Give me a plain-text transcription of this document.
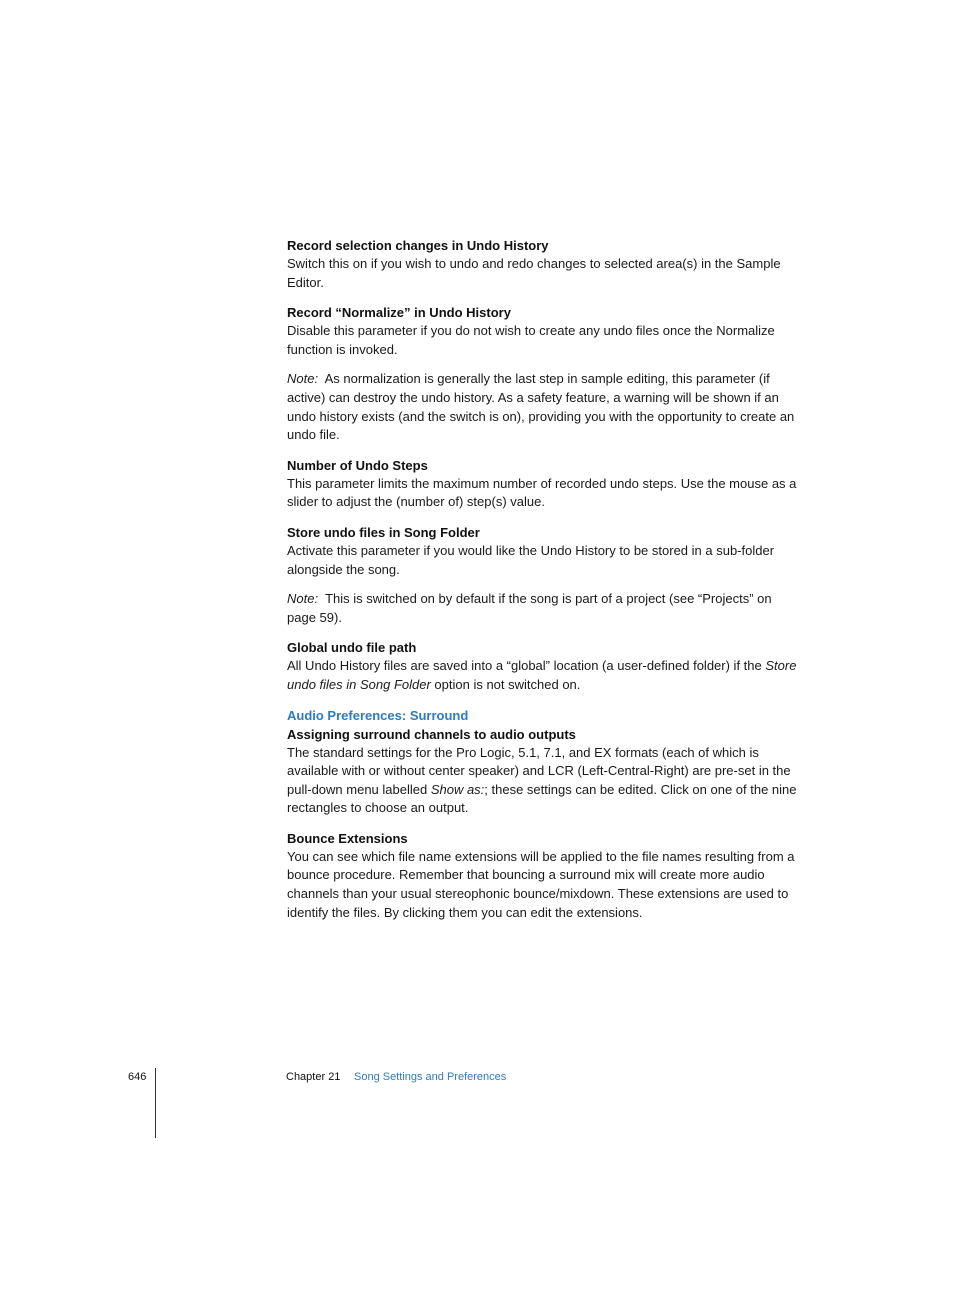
Record selection changes in Undo History

Switch this on if you wish to undo and redo changes to selected area(s) in the Sample Editor.

Record “Normalize” in Undo History

Disable this parameter if you do not wish to create any undo files once the Normalize function is invoked.

Note: As normalization is generally the last step in sample editing, this parameter (if active) can destroy the undo history. As a safety feature, a warning will be shown if an undo history exists (and the switch is on), providing you with the opportunity to create an undo file.

Number of Undo Steps

This parameter limits the maximum number of recorded undo steps. Use the mouse as a slider to adjust the (number of) step(s) value.

Store undo files in Song Folder

Activate this parameter if you would like the Undo History to be stored in a sub-folder alongside the song.

Note: This is switched on by default if the song is part of a project (see “Projects” on page 59).

Global undo file path

All Undo History files are saved into a “global” location (a user-defined folder) if the Store undo files in Song Folder option is not switched on.

Audio Preferences: Surround

Assigning surround channels to audio outputs

The standard settings for the Pro Logic, 5.1, 7.1, and EX formats (each of which is available with or without center speaker) and LCR (Left-Central-Right) are pre-set in the pull-down menu labelled Show as:; these settings can be edited. Click on one of the nine rectangles to choose an output.

Bounce Extensions

You can see which file name extensions will be applied to the file names resulting from a bounce procedure. Remember that bouncing a surround mix will create more audio channels than your usual stereophonic bounce/mixdown. These extensions are used to identify the files. By clicking them you can edit the extensions.

646	Chapter 21 Song Settings and Preferences
